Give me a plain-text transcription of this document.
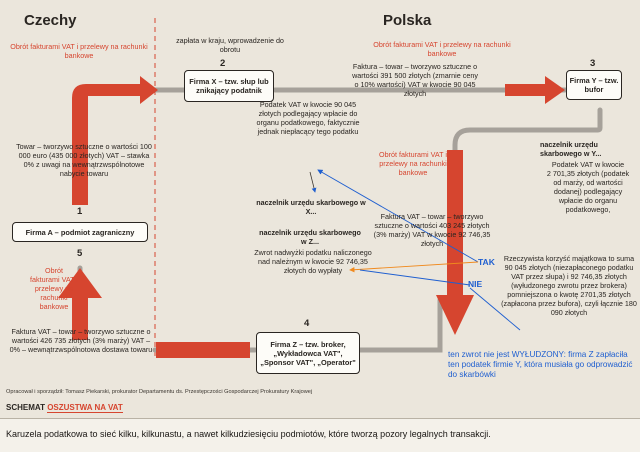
Czechy	Polska
Obrót fakturami VAT i przelewy na rachunki bankowe
zapłata w kraju, wprowadzenie do obrotu
Obrót fakturami VAT i przelewy na rachunki bankowe
2	3
1
5
4
Firma X – tzw. słup lub znikający podatnik
Firma Y – tzw. bufor
Firma A – podmiot zagraniczny
Firma Z – tzw. broker, „Wykładowca VAT", „Sponsor VAT", „Operator"
Towar – tworzywo sztuczne o wartości 100 000 euro (435 000 złotych) VAT – stawka 0% z uwagi na wewnątrzwspólnotowe nabycie towaru
Faktura – towar – tworzywo sztuczne o wartości 391 500 złotych (zmarnie ceny o 10% wartości) VAT w kwocie 90 045 złotych
Podatek VAT w kwocie 90 045 złotych podlegający wpłacie do organu podatkowego, faktycznie jednak niepłacący tego podatku
naczelnik urzędu skarbowego w X...
naczelnik urzędu skarbowego w Z...
Zwrot nadwyżki podatku naliczonego nad należnym w kwocie 92 746,35 złotych do wypłaty
Obrót fakturami VAT i przelewy na rachunki bankowe
Faktura VAT – towar – tworzywo sztuczne o wartości 403 245 złotych (3% marży) VAT w kwocie 92 746,35 złotych
naczelnik urzędu skarbowego w Y...
Podatek VAT w kwocie
2 701,35 złotych (podatek od marży, od wartości dodanej) podlegający wpłacie do organu podatkowego,
Rzeczywista korzyść majątkowa to suma 90 045 złotych (niezapłaconego podatku VAT przez słupa) i 92 746,35 złotych (wyłudzonego zwrotu przez brokera) pomniejszona o kwotę 2701,35 złotych (zapłacona przez bufora), czyli łącznie 180 090 złotych
Obrót fakturami VAT i przelewy na rachunki bankowe
Faktura VAT – towar – tworzywo sztuczne o wartości 426 735 złotych (3% marży) VAT – 0% – wewnątrzwspólnotowa dostawa towaru
TAK
NIE
ten zwrot nie jest WYŁUDZONY: firma Z zapłaciła ten podatek firmie Y, która musiała go odprowadzić do skarbówki
Opracował i sporządził: Tomasz Piekarski, prokurator Departamentu ds. Przestępczości Gospodarczej Prokuratury Krajowej
SCHEMAT OSZUSTWA NA VAT
Karuzela podatkowa to sieć kilku, kilkunastu, a nawet kilkudziesięciu podmiotów, które tworzą pozory legalnych transakcji.
